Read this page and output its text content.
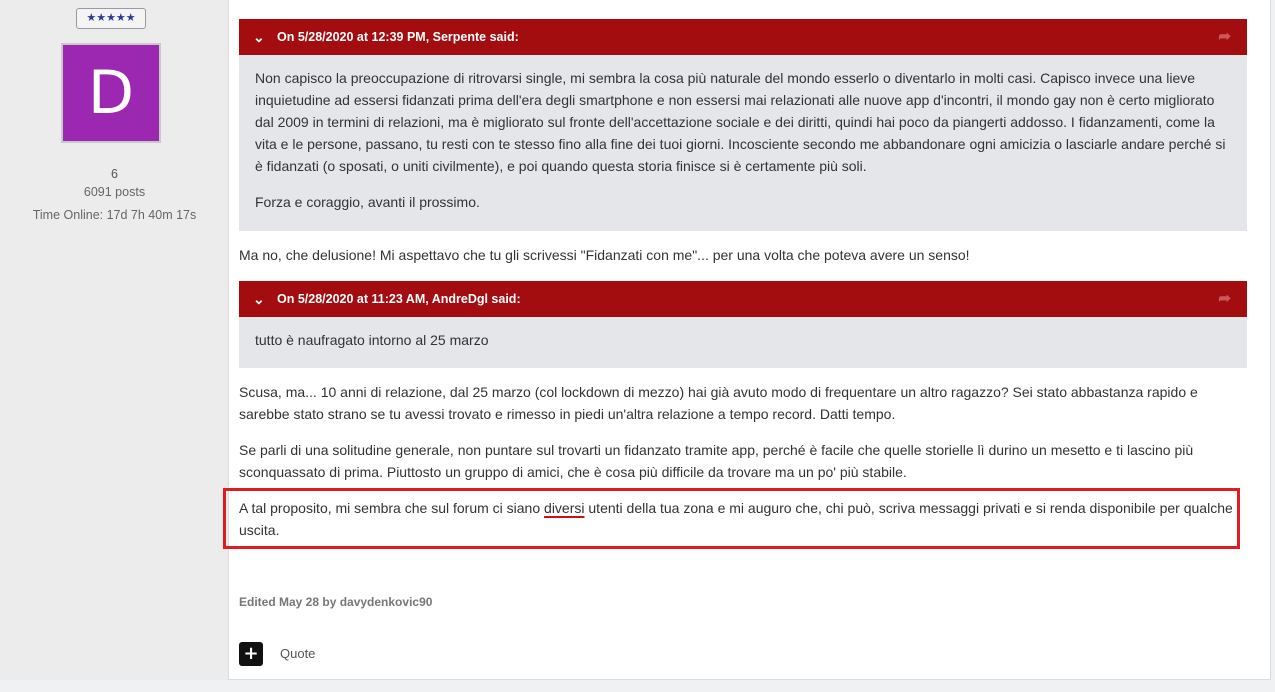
★★★★★
D
6
6091 posts
Time Online: 17d 7h 40m 17s
⌄ On 5/28/2020 at 12:39 PM, Serpente said:	➦

Non capisco la preoccupazione di ritrovarsi single, mi sembra la cosa più naturale del mondo esserlo o diventarlo in molti casi. Capisco invece una lieve inquietudine ad essersi fidanzati prima dell'era degli smartphone e non essersi mai relazionati alle nuove app d'incontri, il mondo gay non è certo migliorato dal 2009 in termini di relazioni, ma è migliorato sul fronte dell'accettazione sociale e dei diritti, quindi hai poco da piangerti addosso. I fidanzamenti, come la vita e le persone, passano, tu resti con te stesso fino alla fine dei tuoi giorni. Incosciente secondo me abbandonare ogni amicizia o lasciarle andare perché si è fidanzati (o sposati, o uniti civilmente), e poi quando questa storia finisce si è certamente più soli.

Forza e coraggio, avanti il prossimo.

Ma no, che delusione! Mi aspettavo che tu gli scrivessi "Fidanzati con me"... per una volta che poteva avere un senso!

⌄ On 5/28/2020 at 11:23 AM, AndreDgl said:	➦

tutto è naufragato intorno al 25 marzo

Scusa, ma... 10 anni di relazione, dal 25 marzo (col lockdown di mezzo) hai già avuto modo di frequentare un altro ragazzo? Sei stato abbastanza rapido e sarebbe stato strano se tu avessi trovato e rimesso in piedi un'altra relazione a tempo record. Datti tempo.

Se parli di una solitudine generale, non puntare sul trovarti un fidanzato tramite app, perché è facile che quelle storielle lì durino un mesetto e ti lascino più sconquassato di prima. Piuttosto un gruppo di amici, che è cosa più difficile da trovare ma un po' più stabile.

A tal proposito, mi sembra che sul forum ci siano diversi utenti della tua zona e mi auguro che, chi può, scriva messaggi privati e si renda disponibile per qualche uscita.

Edited May 28 by davydenkovic90
+	Quote
